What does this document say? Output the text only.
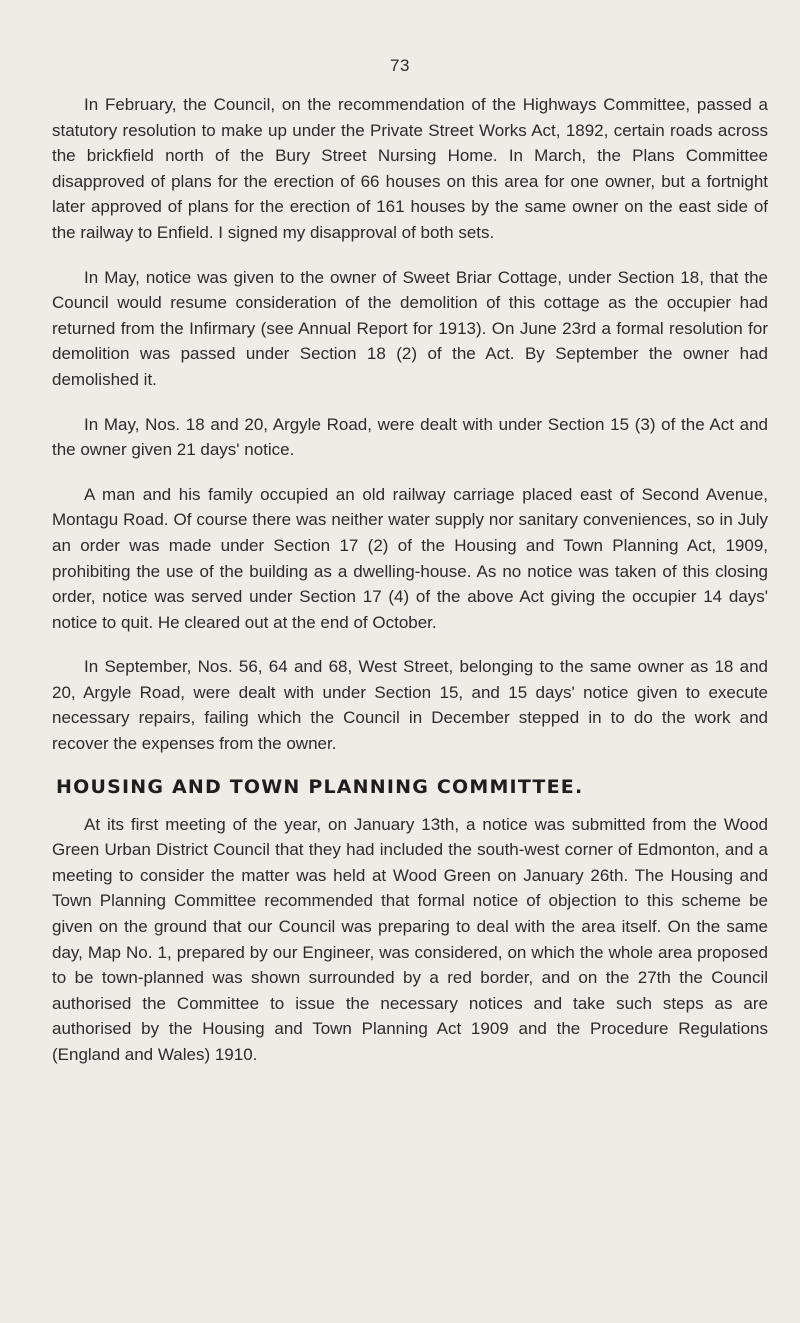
73

In February, the Council, on the recommendation of the Highways Committee, passed a statutory resolution to make up under the Private Street Works Act, 1892, certain roads across the brickfield north of the Bury Street Nursing Home. In March, the Plans Committee disapproved of plans for the erection of 66 houses on this area for one owner, but a fortnight later approved of plans for the erection of 161 houses by the same owner on the east side of the railway to Enfield. I signed my disapproval of both sets.

In May, notice was given to the owner of Sweet Briar Cottage, under Section 18, that the Council would resume consideration of the demolition of this cottage as the occupier had returned from the Infirmary (see Annual Report for 1913). On June 23rd a formal resolution for demolition was passed under Section 18 (2) of the Act. By September the owner had demolished it.

In May, Nos. 18 and 20, Argyle Road, were dealt with under Section 15 (3) of the Act and the owner given 21 days' notice.

A man and his family occupied an old railway carriage placed east of Second Avenue, Montagu Road. Of course there was neither water supply nor sanitary conveniences, so in July an order was made under Section 17 (2) of the Housing and Town Planning Act, 1909, prohibiting the use of the building as a dwelling-house. As no notice was taken of this closing order, notice was served under Section 17 (4) of the above Act giving the occupier 14 days' notice to quit. He cleared out at the end of October.

In September, Nos. 56, 64 and 68, West Street, belonging to the same owner as 18 and 20, Argyle Road, were dealt with under Section 15, and 15 days' notice given to execute necessary repairs, failing which the Council in December stepped in to do the work and recover the expenses from the owner.

HOUSING AND TOWN PLANNING COMMITTEE.

At its first meeting of the year, on January 13th, a notice was submitted from the Wood Green Urban District Council that they had included the south-west corner of Edmonton, and a meeting to consider the matter was held at Wood Green on January 26th. The Housing and Town Planning Committee recommended that formal notice of objection to this scheme be given on the ground that our Council was preparing to deal with the area itself. On the same day, Map No. 1, prepared by our Engineer, was considered, on which the whole area proposed to be town-planned was shown surrounded by a red border, and on the 27th the Council authorised the Committee to issue the necessary notices and take such steps as are authorised by the Housing and Town Planning Act 1909 and the Procedure Regulations (England and Wales) 1910.
